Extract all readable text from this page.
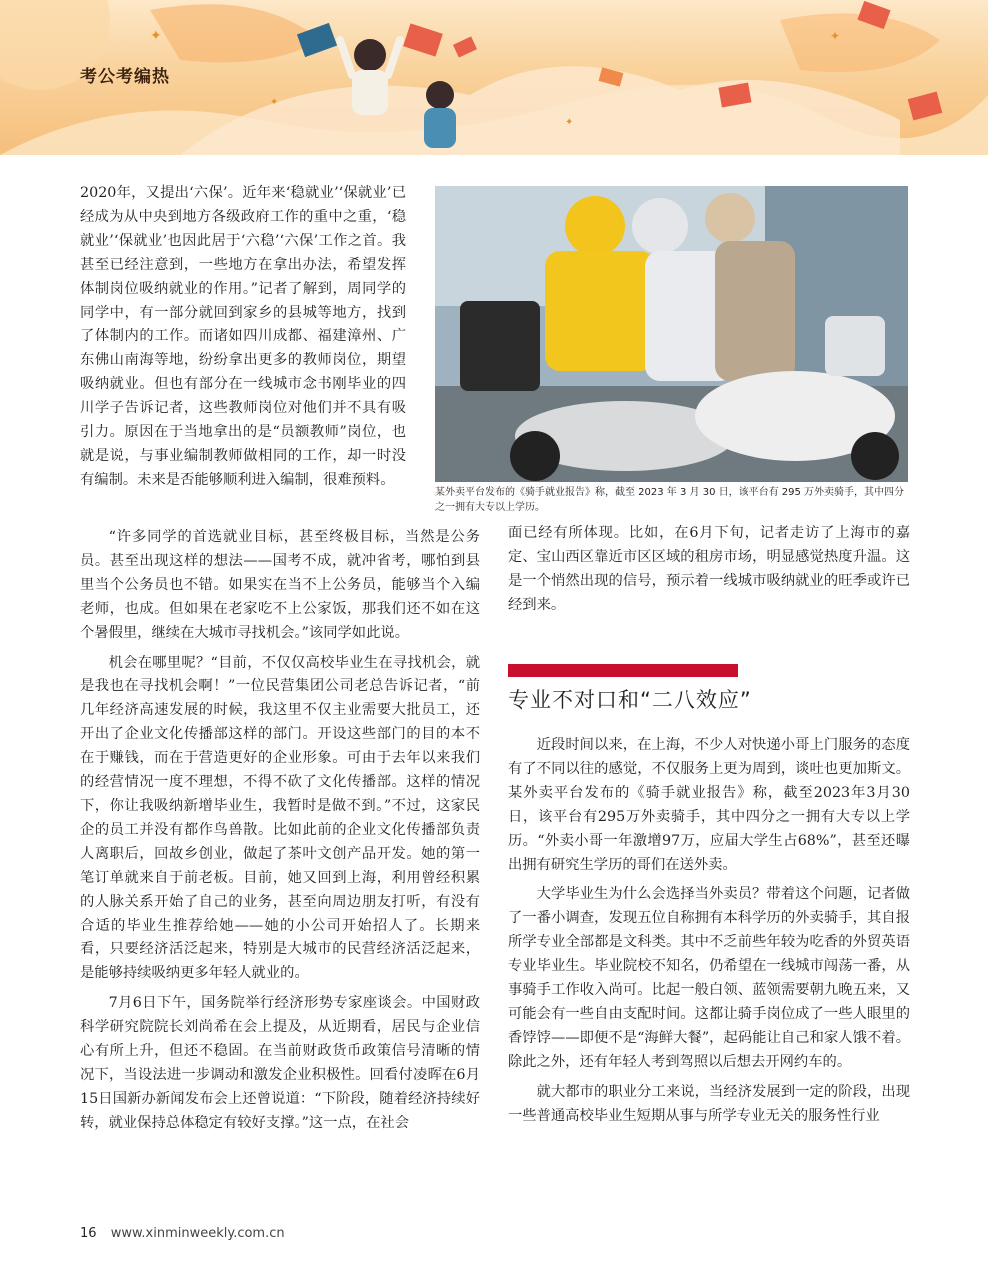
✦
✦
✦
✦
考公考编热

2020年，又提出‘六保’。近年来‘稳就业’‘保就业’已经成为从中央到地方各级政府工作的重中之重，‘稳就业’‘保就业’也因此居于‘六稳’‘六保’工作之首。我甚至已经注意到，一些地方在拿出办法，希望发挥体制岗位吸纳就业的作用。”记者了解到，周同学的同学中，有一部分就回到家乡的县城等地方，找到了体制内的工作。而诸如四川成都、福建漳州、广东佛山南海等地，纷纷拿出更多的教师岗位，期望吸纳就业。但也有部分在一线城市念书刚毕业的四川学子告诉记者，这些教师岗位对他们并不具有吸引力。原因在于当地拿出的是“员额教师”岗位，也就是说，与事业编制教师做相同的工作，却一时没有编制。未来是否能够顺利进入编制，很难预料。

某外卖平台发布的《骑手就业报告》称，截至 2023 年 3 月 30 日，该平台有 295 万外卖骑手，其中四分之一拥有大专以上学历。

“许多同学的首选就业目标，甚至终极目标，当然是公务员。甚至出现这样的想法——国考不成，就冲省考，哪怕到县里当个公务员也不错。如果实在当不上公务员，能够当个入编老师，也成。但如果在老家吃不上公家饭，那我们还不如在这个暑假里，继续在大城市寻找机会。”该同学如此说。

机会在哪里呢？“目前，不仅仅高校毕业生在寻找机会，就是我也在寻找机会啊！”一位民营集团公司老总告诉记者，“前几年经济高速发展的时候，我这里不仅主业需要大批员工，还开出了企业文化传播部这样的部门。开设这些部门的目的本不在于赚钱，而在于营造更好的企业形象。可由于去年以来我们的经营情况一度不理想，不得不砍了文化传播部。这样的情况下，你让我吸纳新增毕业生，我暂时是做不到。”不过，这家民企的员工并没有都作鸟兽散。比如此前的企业文化传播部负责人离职后，回故乡创业，做起了茶叶文创产品开发。她的第一笔订单就来自于前老板。目前，她又回到上海，利用曾经积累的人脉关系开始了自己的业务，甚至向周边朋友打听，有没有合适的毕业生推荐给她——她的小公司开始招人了。长期来看，只要经济活泛起来，特别是大城市的民营经济活泛起来，是能够持续吸纳更多年轻人就业的。

7月6日下午，国务院举行经济形势专家座谈会。中国财政科学研究院院长刘尚希在会上提及，从近期看，居民与企业信心有所上升，但还不稳固。在当前财政货币政策信号清晰的情况下，当设法进一步调动和激发企业积极性。回看付凌晖在6月15日国新办新闻发布会上还曾说道：“下阶段，随着经济持续好转，就业保持总体稳定有较好支撑。”这一点，在社会

面已经有所体现。比如，在6月下旬，记者走访了上海市的嘉定、宝山西区靠近市区区域的租房市场，明显感觉热度升温。这是一个悄然出现的信号，预示着一线城市吸纳就业的旺季或许已经到来。

专业不对口和“二八效应”

近段时间以来，在上海，不少人对快递小哥上门服务的态度有了不同以往的感觉，不仅服务上更为周到，谈吐也更加斯文。某外卖平台发布的《骑手就业报告》称，截至2023年3月30日，该平台有295万外卖骑手，其中四分之一拥有大专以上学历。“外卖小哥一年激增97万，应届大学生占68%”，甚至还曝出拥有研究生学历的哥们在送外卖。

大学毕业生为什么会选择当外卖员？带着这个问题，记者做了一番小调查，发现五位自称拥有本科学历的外卖骑手，其自报所学专业全部都是文科类。其中不乏前些年较为吃香的外贸英语专业毕业生。毕业院校不知名，仍希望在一线城市闯荡一番，从事骑手工作收入尚可。比起一般白领、蓝领需要朝九晚五来，又可能会有一些自由支配时间。这都让骑手岗位成了一些人眼里的香饽饽——即便不是“海鲜大餐”，起码能让自己和家人饿不着。除此之外，还有年轻人考到驾照以后想去开网约车的。

就大都市的职业分工来说，当经济发展到一定的阶段，出现一些普通高校毕业生短期从事与所学专业无关的服务性行业

16 www.xinminweekly.com.cn
